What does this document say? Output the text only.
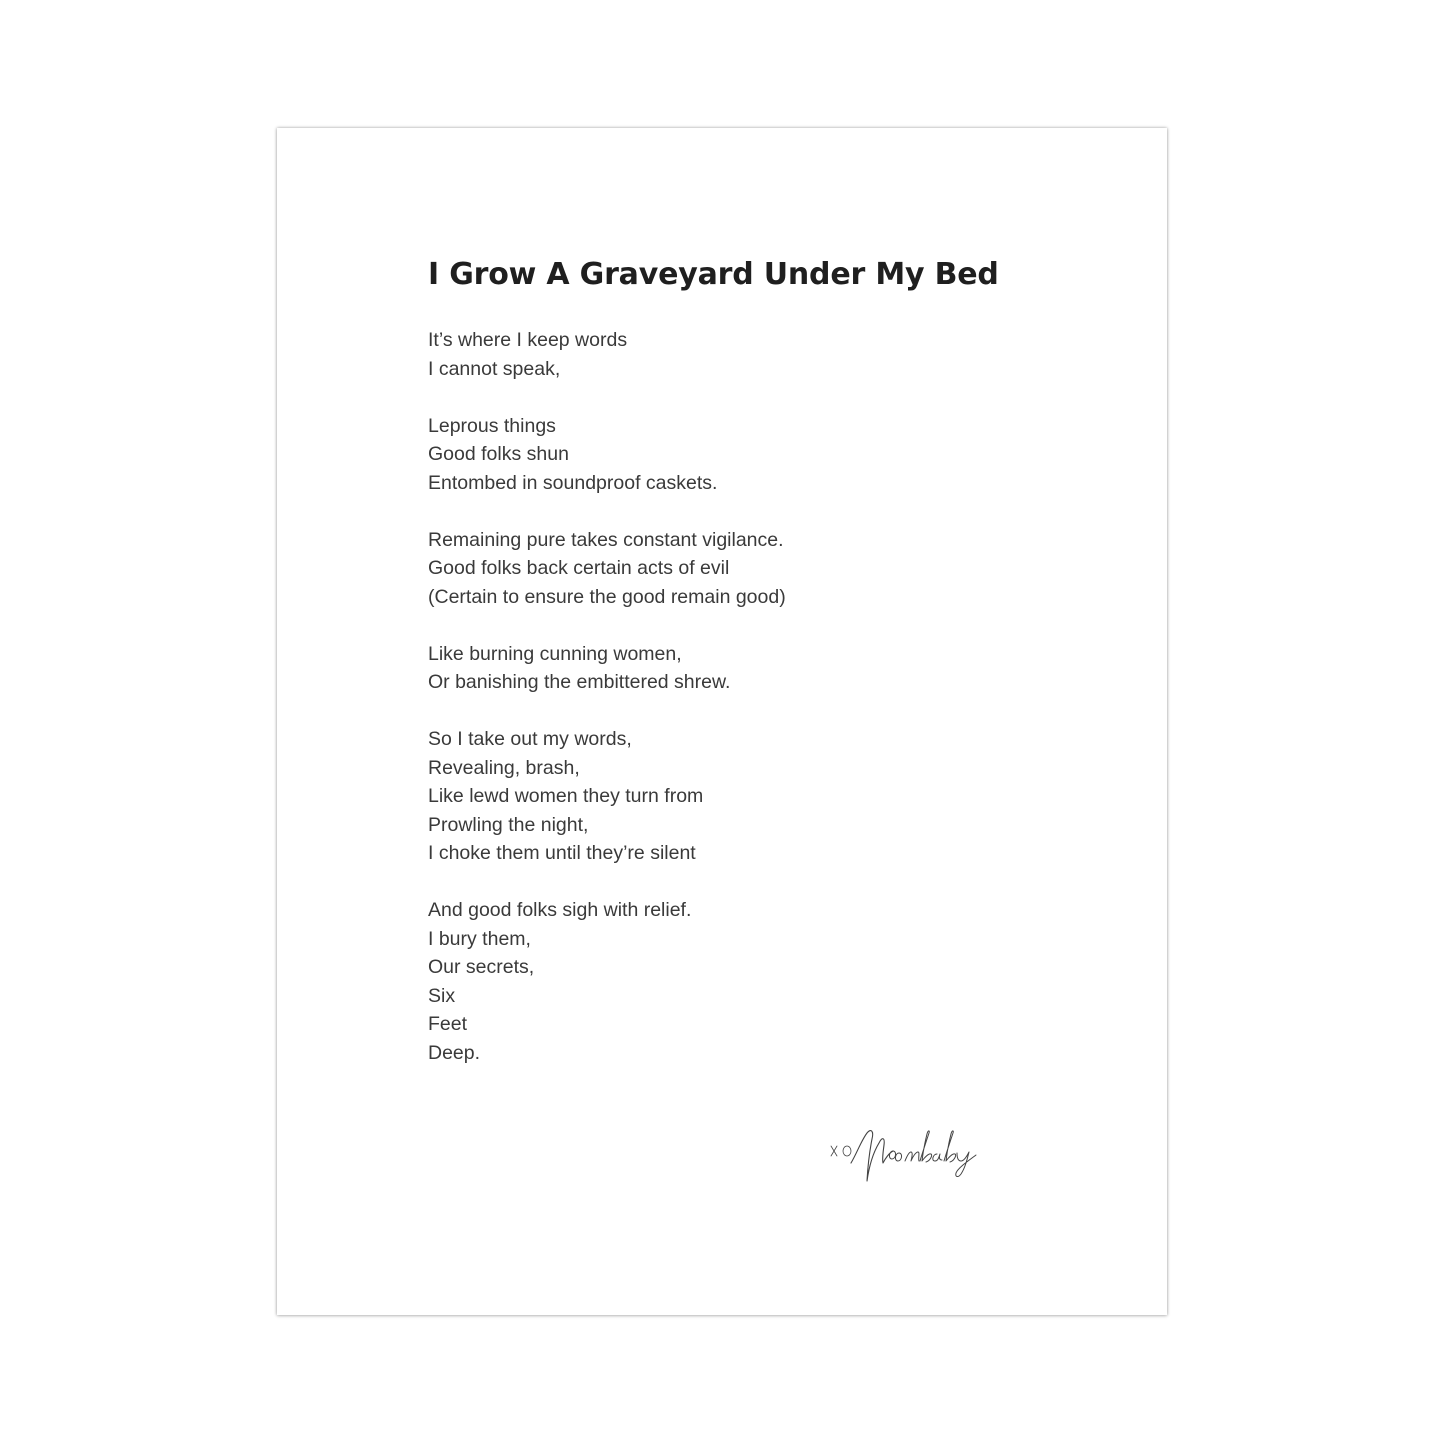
I Grow A Graveyard Under My Bed
It’s where I keep words
I cannot speak,
Leprous things
Good folks shun
Entombed in soundproof caskets.
Remaining pure takes constant vigilance.
Good folks back certain acts of evil
(Certain to ensure the good remain good)
Like burning cunning women,
Or banishing the embittered shrew.
So I take out my words,
Revealing, brash,
Like lewd women they turn from
Prowling the night,
I choke them until they’re silent
And good folks sigh with relief.
I bury them,
Our secrets,
Six
Feet
Deep.
